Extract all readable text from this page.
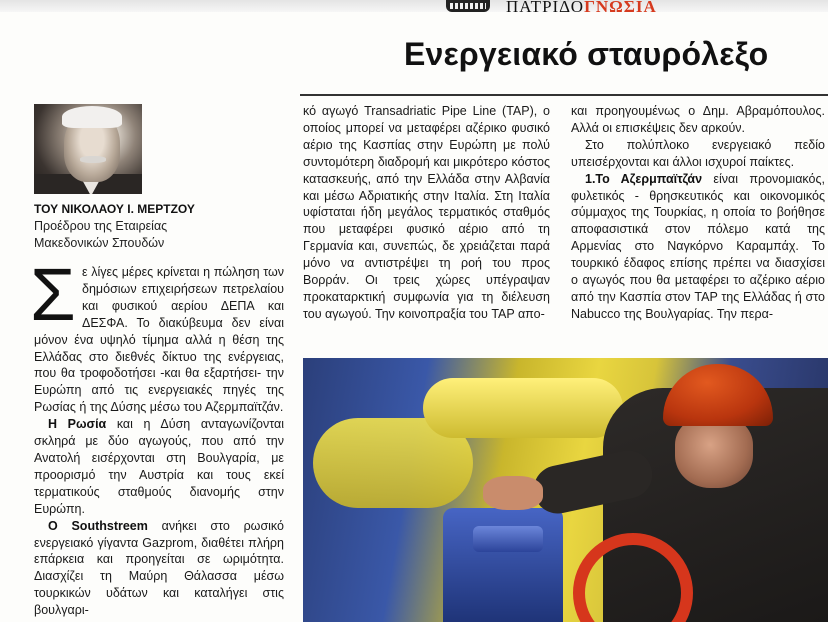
ΠΑΤΡΙΔΟΓΝΩΣΙΑ
Ενεργειακό σταυρόλεξο
ΤΟΥ ΝΙΚΟΛΑΟΥ Ι. ΜΕΡΤΖΟΥ
Προέδρου της Εταιρείας
Μακεδονικών Σπουδών

Σε λίγες μέρες κρίνεται η πώληση των δημόσιων επιχειρήσεων πετρελαίου και φυσικού αερίου ΔΕΠΑ και ΔΕΣΦΑ. Το διακύβευμα δεν είναι μόνον ένα υψηλό τίμημα αλλά η θέση της Ελλάδας στο διεθνές δίκτυο της ενέργειας, που θα τροφοδοτήσει -και θα εξαρτήσει- την Ευρώπη από τις ενεργειακές πηγές της Ρωσίας ή της Δύσης μέσω του Αζερμπαϊτζάν.

Η Ρωσία και η Δύση ανταγωνίζονται σκληρά με δύο αγωγούς, που από την Ανατολή εισέρχονται στη Βουλγαρία, με προορισμό την Αυστρία και τους εκεί τερματικούς σταθμούς διανομής στην Ευρώπη.

Ο Southstreem ανήκει στο ρωσικό ενεργειακό γίγαντα Gazprom, διαθέτει πλήρη επάρκεια και προηγείται σε ωριμότητα. Διασχίζει τη Μαύρη Θάλασσα μέσω τουρκικών υδάτων και καταλήγει στις βουλγαρι-

κό αγωγό Transadriatic Pipe Line (TAP), ο οποίος μπορεί να μεταφέρει αζέρικο φυσικό αέριο της Κασπίας στην Ευρώπη με πολύ συντομότερη διαδρομή και μικρότερο κόστος κατασκευής, από την Ελλάδα στην Αλβανία και μέσω Αδριατικής στην Ιταλία. Στη Ιταλία υφίσταται ήδη μεγάλος τερματικός σταθμός που μεταφέρει φυσικό αέριο από τη Γερμανία και, συνεπώς, δε χρειάζεται παρά μόνο να αντιστρέψει τη ροή του προς Βορράν. Οι τρεις χώρες υπέγραψαν προκαταρκτική συμφωνία για τη διέλευση του αγωγού. Την κοινοπραξία του TAP απο-

και προηγουμένως ο Δημ. Αβραμόπουλος. Αλλά οι επισκέψεις δεν αρκούν.

Στο πολύπλοκο ενεργειακό πεδίο υπεισέρχονται και άλλοι ισχυροί παίκτες.

1.Το Αζερμπαϊτζάν είναι προνομιακός, φυλετικός - θρησκευτικός και οικονομικός σύμμαχος της Τουρκίας, η οποία το βοήθησε αποφασιστικά στον πόλεμο κατά της Αρμενίας στο Ναγκόρνο Καραμπάχ. Το τουρκικό έδαφος επίσης πρέπει να διασχίσει ο αγωγός που θα μεταφέρει το αζέρικο αέριο από την Κασπία στον TAP της Ελλάδας ή στο Nabucco της Βουλγαρίας. Την περα-
